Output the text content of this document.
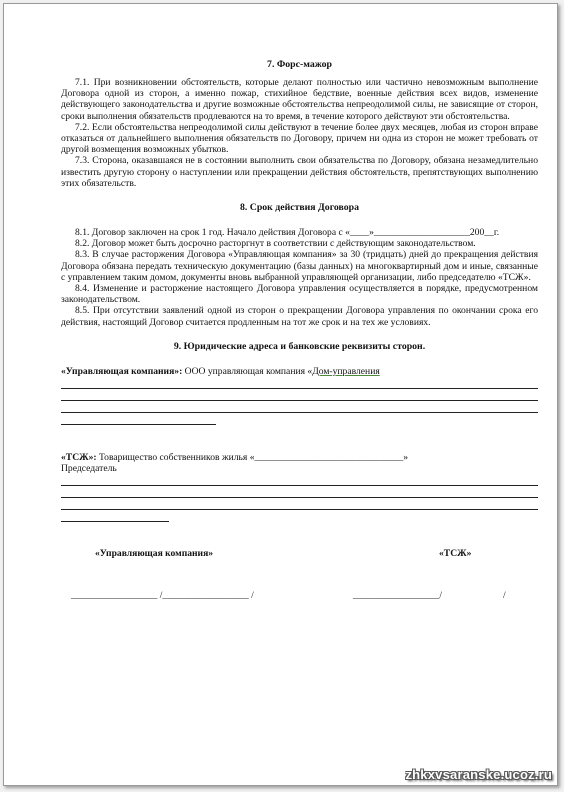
7. Форс-мажор

7.1. При возникновении обстоятельств, которые делают полностью или частично невозможным выполнение Договора одной из сторон, а именно пожар, стихийное бедствие, военные действия всех видов, изменение действующего законодательства и другие возможные обстоятельства непреодолимой силы, не зависящие от сторон, сроки выполнения обязательств продлеваются на то время, в течение которого действуют эти обстоятельства.

7.2. Если обстоятельства непреодолимой силы действуют в течение более двух месяцев, любая из сторон вправе отказаться от дальнейшего выполнения обязательств по Договору, причем ни одна из сторон не может требовать от другой возмещения возможных убытков.

7.3. Сторона, оказавшаяся не в состоянии выполнить свои обязательства по Договору, обязана незамедлительно известить другую сторону о наступлении или прекращении действия обстоятельств, препятствующих выполнению этих обязательств.

8. Срок действия Договора

8.1. Договор заключен на срок 1 год. Начало действия Договора с «____»____________________200__г.

8.2. Договор может быть досрочно расторгнут в соответствии с действующим законодательством.

8.3. В случае расторжения Договора «Управляющая компания» за 30 (тридцать) дней до прекращения действия Договора обязана передать техническую документацию (базы данных) на многоквартирный дом и иные, связанные с управлением таким домом, документы вновь выбранной управляющей организации, либо председателю «ТСЖ».

8.4. Изменение и расторжение настоящего Договора управления осуществляется в порядке, предусмотренном законодательством.

8.5. При отсутствии заявлений одной из сторон о прекращении Договора управления по окончании срока его действия, настоящий Договор считается продленным на тот же срок и на тех же условиях.

9. Юридические адреса и банковские реквизиты сторон.
«Управляющая компания»: ООО управляющая компания «Дом-управления
«ТСЖ»: Товарищество собственников жилья «_______________________________»
Председатель
«Управляющая компания»	«ТСЖ»
__________________ /__________________ /	__________________/	/
zhkxvsaranske.ucoz.ru
